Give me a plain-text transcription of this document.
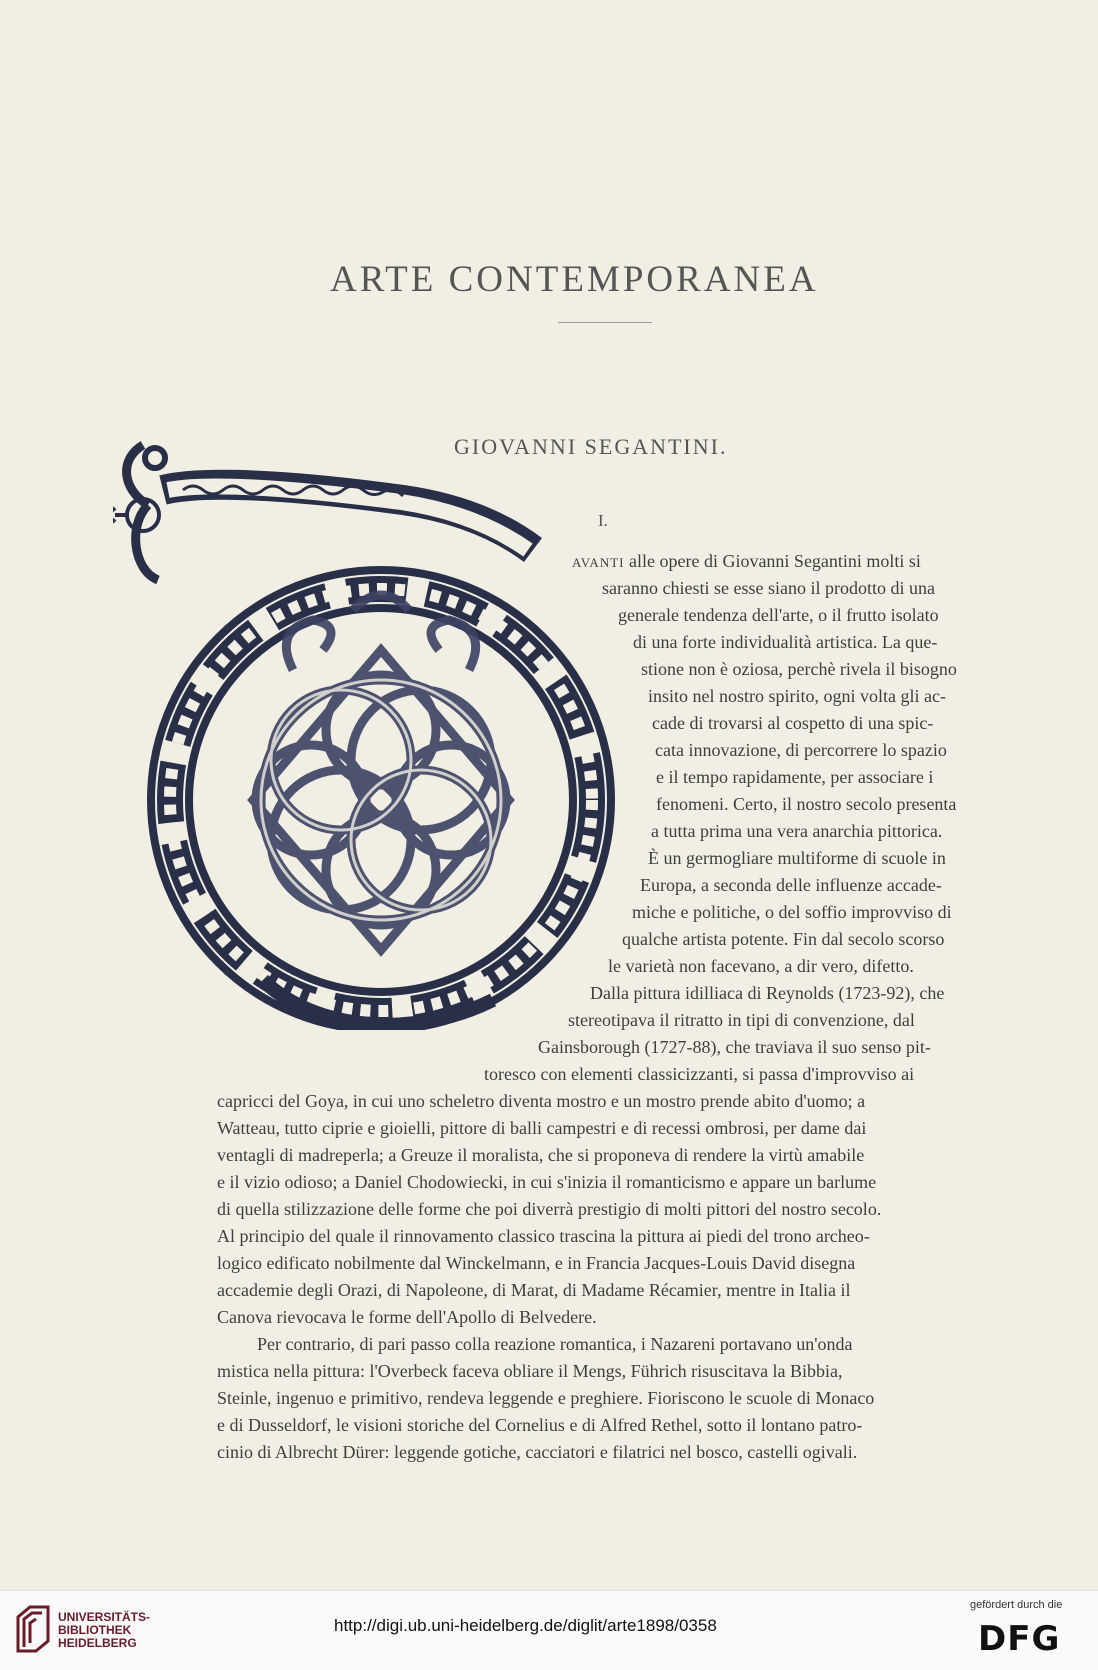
ARTE CONTEMPORANEA
GIOVANNI SEGANTINI.
I.
avanti alle opere di Giovanni Segantini molti si
saranno chiesti se esse siano il prodotto di una
generale tendenza dell'arte, o il frutto isolato
di una forte individualità artistica. La que-
stione non è oziosa, perchè rivela il bisogno
insito nel nostro spirito, ogni volta gli ac-
cade di trovarsi al cospetto di una spic-
cata innovazione, di percorrere lo spazio
e il tempo rapidamente, per associare i
fenomeni. Certo, il nostro secolo presenta
a tutta prima una vera anarchia pittorica.
È un germogliare multiforme di scuole in
Europa, a seconda delle influenze accade-
miche e politiche, o del soffio improvviso di
qualche artista potente. Fin dal secolo scorso
le varietà non facevano, a dir vero, difetto.
Dalla pittura idilliaca di Reynolds (1723-92), che
stereotipava il ritratto in tipi di convenzione, dal
Gainsborough (1727-88), che traviava il suo senso pit-
toresco con elementi classicizzanti, si passa d'improvviso ai
capricci del Goya, in cui uno scheletro diventa mostro e un mostro prende abito d'uomo; a
Watteau, tutto ciprie e gioielli, pittore di balli campestri e di recessi ombrosi, per dame dai
ventagli di madreperla; a Greuze il moralista, che si proponeva di rendere la virtù amabile
e il vizio odioso; a Daniel Chodowiecki, in cui s'inizia il romanticismo e appare un barlume
di quella stilizzazione delle forme che poi diverrà prestigio di molti pittori del nostro secolo.
Al principio del quale il rinnovamento classico trascina la pittura ai piedi del trono archeo-
logico edificato nobilmente dal Winckelmann, e in Francia Jacques-Louis David disegna
accademie degli Orazi, di Napoleone, di Marat, di Madame Récamier, mentre in Italia il
Canova rievocava le forme dell'Apollo di Belvedere.
Per contrario, di pari passo colla reazione romantica, i Nazareni portavano un'onda
mistica nella pittura: l'Overbeck faceva obliare il Mengs, Führich risuscitava la Bibbia,
Steinle, ingenuo e primitivo, rendeva leggende e preghiere. Fioriscono le scuole di Monaco
e di Dusseldorf, le visioni storiche del Cornelius e di Alfred Rethel, sotto il lontano patro-
cinio di Albrecht Dürer: leggende gotiche, cacciatori e filatrici nel bosco, castelli ogivali.
UNIVERSITÄTS-
BIBLIOTHEK
HEIDELBERG
http://digi.ub.uni-heidelberg.de/diglit/arte1898/0358
gefördert durch die
DFG
